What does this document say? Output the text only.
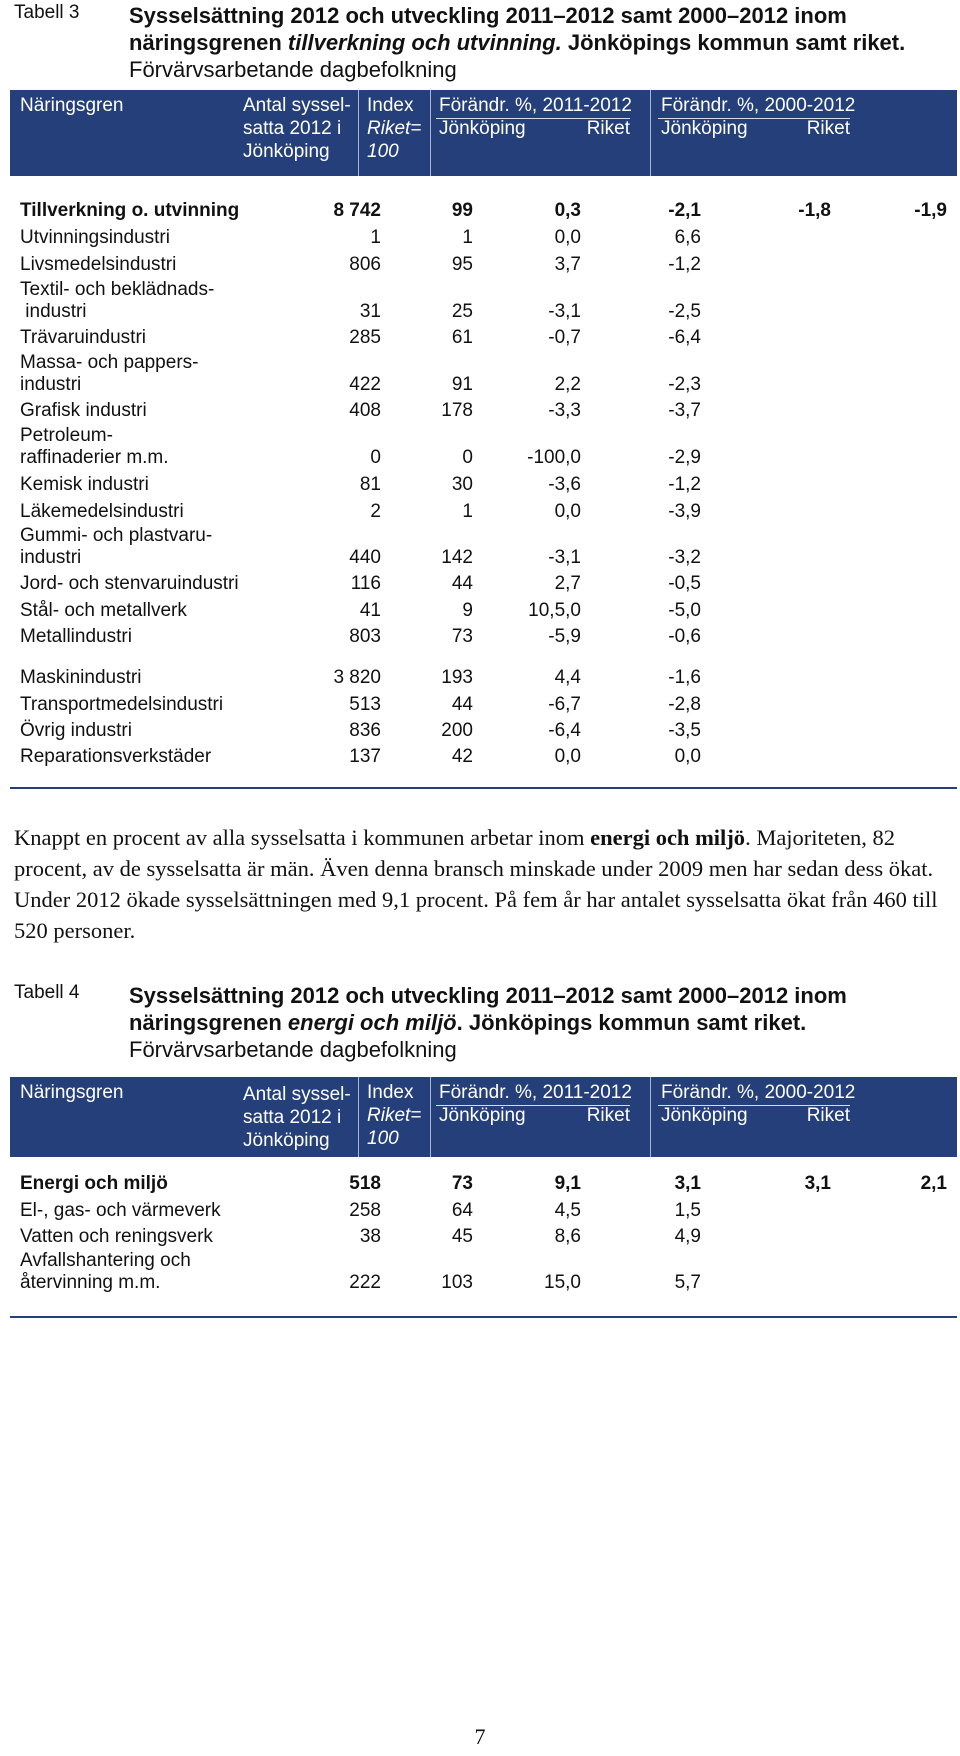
Tabell 3 Sysselsättning 2012 och utveckling 2011–2012 samt 2000–2012 inom näringsgrenen tillverkning och utvinning. Jönköpings kommun samt riket. Förvärvsarbetande dagbefolkning
Näringsgren	Antal syssel-
satta 2012 i
Jönköping
Index
Riket=
100
Förändr. %, 2011-2012
Jönköping	Riket
Förändr. %, 2000-2012
Jönköping	Riket
Tillverkning o. utvinning	8 742	99	0,3	-2,1	-1,8	-1,9
Utvinningsindustri	1	1	0,0	6,6
Livsmedelsindustri	806	95	3,7	-1,2
Textil- och beklädnads-
industri	31	25	-3,1	-2,5
Trävaruindustri	285	61	-0,7	-6,4
Massa- och pappers-
industri	422	91	2,2	-2,3
Grafisk industri	408	178	-3,3	-3,7
Petroleum-
raffinaderier m.m.	0	0	-100,0	-2,9
Kemisk industri	81	30	-3,6	-1,2
Läkemedelsindustri	2	1	0,0	-3,9
Gummi- och plastvaru-
industri	440	142	-3,1	-3,2
Jord- och stenvaruindustri	116	44	2,7	-0,5
Stål- och metallverk	41	9	10,5,0	-5,0
Metallindustri	803	73	-5,9	-0,6
Maskinindustri	3 820	193	4,4	-1,6
Transportmedelsindustri	513	44	-6,7	-2,8
Övrig industri	836	200	-6,4	-3,5
Reparationsverkstäder	137	42	0,0	0,0
Knappt en procent av alla sysselsatta i kommunen arbetar inom energi och miljö. Majoriteten, 82 procent, av de sysselsatta är män. Även denna bransch minskade under 2009 men har sedan dess ökat. Under 2012 ökade sysselsättningen med 9,1 procent. På fem år har antalet sysselsatta ökat från 460 till 520 personer.
Tabell 4 Sysselsättning 2012 och utveckling 2011–2012 samt 2000–2012 inom näringsgrenen energi och miljö. Jönköpings kommun samt riket.
Förvärvsarbetande dagbefolkning
Näringsgren	Antal syssel-
satta 2012 i
Jönköping
Index
Riket=
100
Förändr. %, 2011-2012
Jönköping	Riket
Förändr. %, 2000-2012
Jönköping	Riket
Energi och miljö	518	73	9,1	3,1	3,1	2,1
El-, gas- och värmeverk	258	64	4,5	1,5
Vatten och reningsverk	38	45	8,6	4,9
Avfallshantering och
återvinning m.m.	222	103	15,0	5,7
7
